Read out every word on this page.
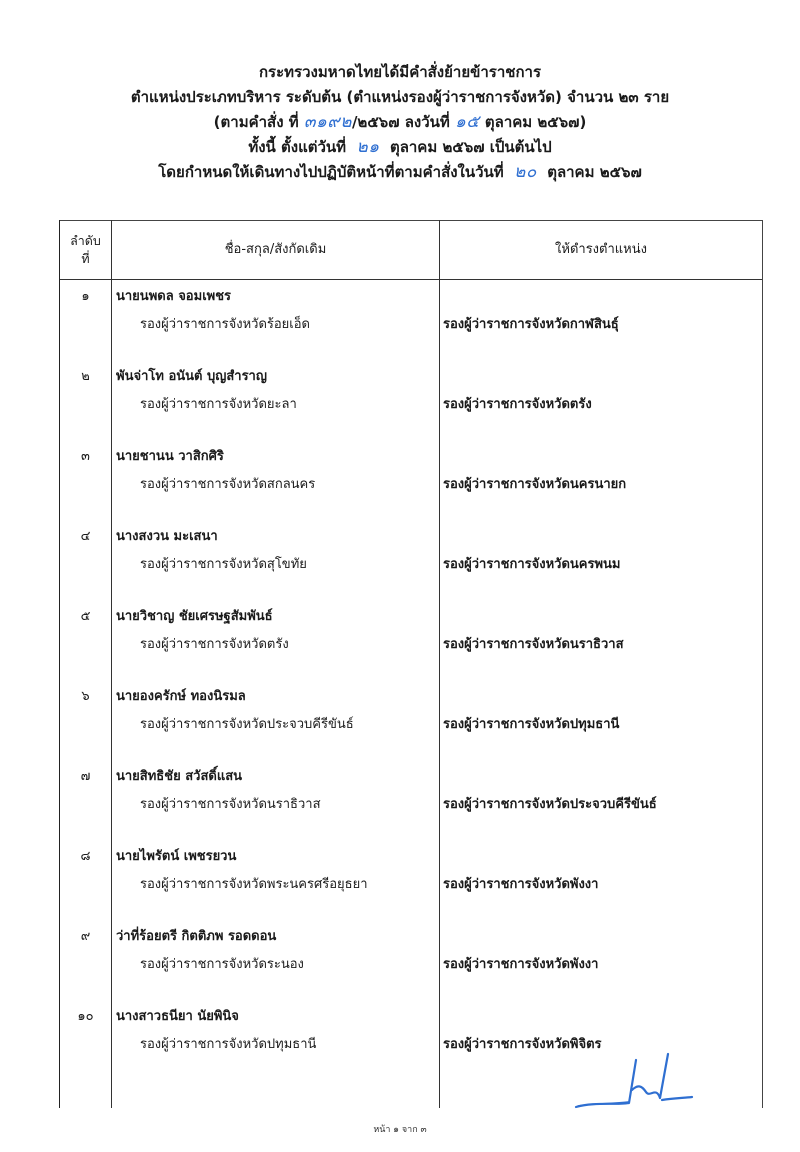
กระทรวงมหาดไทยได้มีคำสั่งย้ายข้าราชการ
ตำแหน่งประเภทบริหาร ระดับต้น (ตำแหน่งรองผู้ว่าราชการจังหวัด) จำนวน ๒๓ ราย
(ตามคำสั่ง ที่ ๓๑๙๒/๒๕๖๗ ลงวันที่ ๑๕ ตุลาคม ๒๕๖๗)
ทั้งนี้ ตั้งแต่วันที่ ๒๑ ตุลาคม ๒๕๖๗ เป็นต้นไป
โดยกำหนดให้เดินทางไปปฏิบัติหน้าที่ตามคำสั่งในวันที่ ๒๐ ตุลาคม ๒๕๖๗
ลำดับ
ที่
ชื่อ-สกุล/สังกัดเดิม	ให้ดำรงตำแหน่ง
๑	นายนพดล จอมเพชร
รองผู้ว่าราชการจังหวัดร้อยเอ็ด	รองผู้ว่าราชการจังหวัดกาฬสินธุ์
๒	พันจ่าโท อนันต์ บุญสำราญ
รองผู้ว่าราชการจังหวัดยะลา	รองผู้ว่าราชการจังหวัดตรัง
๓	นายชานน วาสิกศิริ
รองผู้ว่าราชการจังหวัดสกลนคร	รองผู้ว่าราชการจังหวัดนครนายก
๔	นางสงวน มะเสนา
รองผู้ว่าราชการจังหวัดสุโขทัย	รองผู้ว่าราชการจังหวัดนครพนม
๕	นายวิชาญ ชัยเศรษฐสัมพันธ์
รองผู้ว่าราชการจังหวัดตรัง	รองผู้ว่าราชการจังหวัดนราธิวาส
๖	นายองครักษ์ ทองนิรมล
รองผู้ว่าราชการจังหวัดประจวบคีรีขันธ์	รองผู้ว่าราชการจังหวัดปทุมธานี
๗	นายสิทธิชัย สวัสดิ์แสน
รองผู้ว่าราชการจังหวัดนราธิวาส	รองผู้ว่าราชการจังหวัดประจวบคีรีขันธ์
๘	นายไพรัตน์ เพชรยวน
รองผู้ว่าราชการจังหวัดพระนครศรีอยุธยา	รองผู้ว่าราชการจังหวัดพังงา
๙	ว่าที่ร้อยตรี กิตติภพ รอดดอน
รองผู้ว่าราชการจังหวัดระนอง	รองผู้ว่าราชการจังหวัดพังงา
๑๐	นางสาวธนียา นัยพินิจ
รองผู้ว่าราชการจังหวัดปทุมธานี	รองผู้ว่าราชการจังหวัดพิจิตร
หน้า ๑ จาก ๓
